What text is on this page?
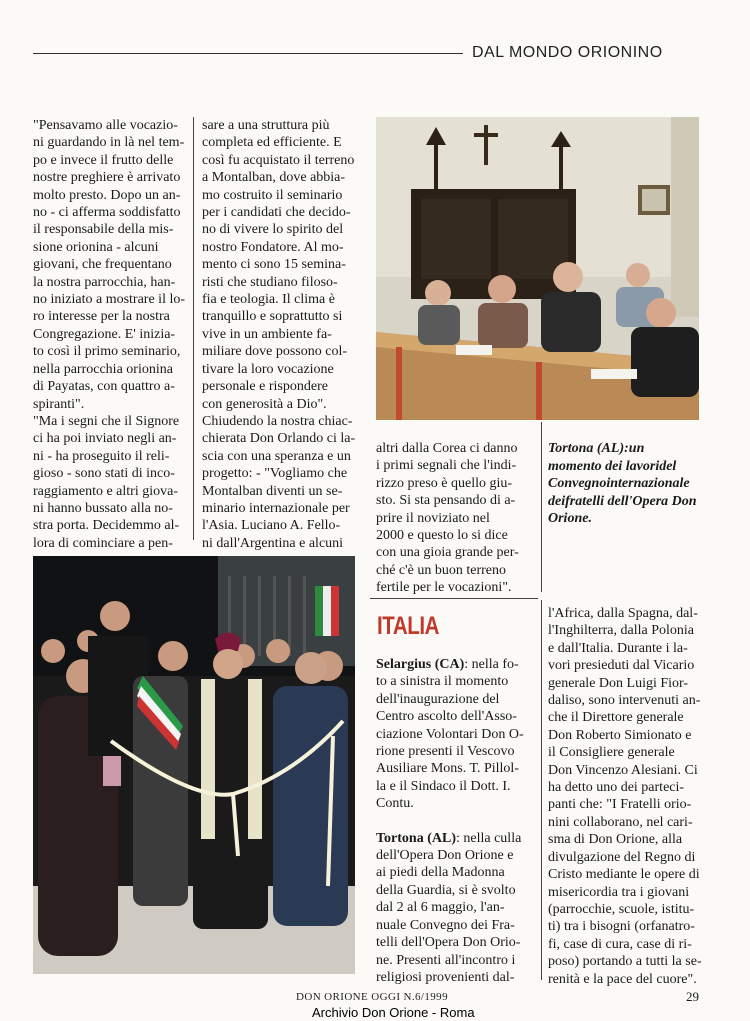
DAL MONDO ORIONINO
"Pensavamo alle vocazio-
ni guardando in là nel tem-
po e invece il frutto delle
nostre preghiere è arrivato
molto presto. Dopo un an-
no - ci afferma soddisfatto
il responsabile della mis-
sione orionina - alcuni
giovani, che frequentano
la nostra parrocchia, han-
no iniziato a mostrare il lo-
ro interesse per la nostra
Congregazione. E' inizia-
to così il primo seminario,
nella parrocchia orionina
di Payatas, con quattro a-
spiranti".
"Ma i segni che il Signore
ci ha poi inviato negli an-
ni - ha proseguito il reli-
gioso - sono stati di inco-
raggiamento e altri giova-
ni hanno bussato alla no-
stra porta. Decidemmo al-
lora di cominciare a pen-
sare a una struttura più
completa ed efficiente. E
così fu acquistato il terreno
a Montalban, dove abbia-
mo costruito il seminario
per i candidati che decido-
no di vivere lo spirito del
nostro Fondatore. Al mo-
mento ci sono 15 semina-
risti che studiano filoso-
fia e teologia. Il clima è
tranquillo e soprattutto si
vive in un ambiente fa-
miliare dove possono col-
tivare la loro vocazione
personale e rispondere
con generosità a Dio".
Chiudendo la nostra chiac-
chierata Don Orlando ci la-
scia con una speranza e un
progetto: - "Vogliamo che
Montalban diventi un se-
minario internazionale per
l'Asia. Luciano A. Fello-
ni dall'Argentina e alcuni
altri dalla Corea ci danno
i primi segnali che l'indi-
rizzo preso è quello giu-
sto. Si sta pensando di a-
prire il noviziato nel
2000 e questo lo si dice
con una gioia grande per-
ché c'è un buon terreno
fertile per le vocazioni".
Tortona (AL):un momento dei lavoridel Convegnointernazionale deifratelli dell'Opera Don Orione.
ITALIA
Selargius (CA): nella fo-
to a sinistra il momento
dell'inaugurazione del
Centro ascolto dell'Asso-
ciazione Volontari Don O-
rione presenti il Vescovo
Ausiliare Mons. T. Pillol-
la e il Sindaco il Dott. I.
Contu.
Tortona (AL): nella culla
dell'Opera Don Orione e
ai piedi della Madonna
della Guardia, si è svolto
dal 2 al 6 maggio, l'an-
nuale Convegno dei Fra-
telli dell'Opera Don Orio-
ne. Presenti all'incontro i
religiosi provenienti dal-
l'Africa, dalla Spagna, dal-
l'Inghilterra, dalla Polonia
e dall'Italia. Durante i la-
vori presieduti dal Vicario
generale Don Luigi Fior-
daliso, sono intervenuti an-
che il Direttore generale
Don Roberto Simionato e
il Consigliere generale
Don Vincenzo Alesiani. Ci
ha detto uno dei parteci-
panti che: "I Fratelli orio-
nini collaborano, nel cari-
sma di Don Orione, alla
divulgazione del Regno di
Cristo mediante le opere di
misericordia tra i giovani
(parrocchie, scuole, istitu-
ti) tra i bisogni (orfanatro-
fi, case di cura, case di ri-
poso) portando a tutti la se-
renità e la pace del cuore".
DON ORIONE OGGI N.6/1999	29
Archivio Don Orione - Roma
